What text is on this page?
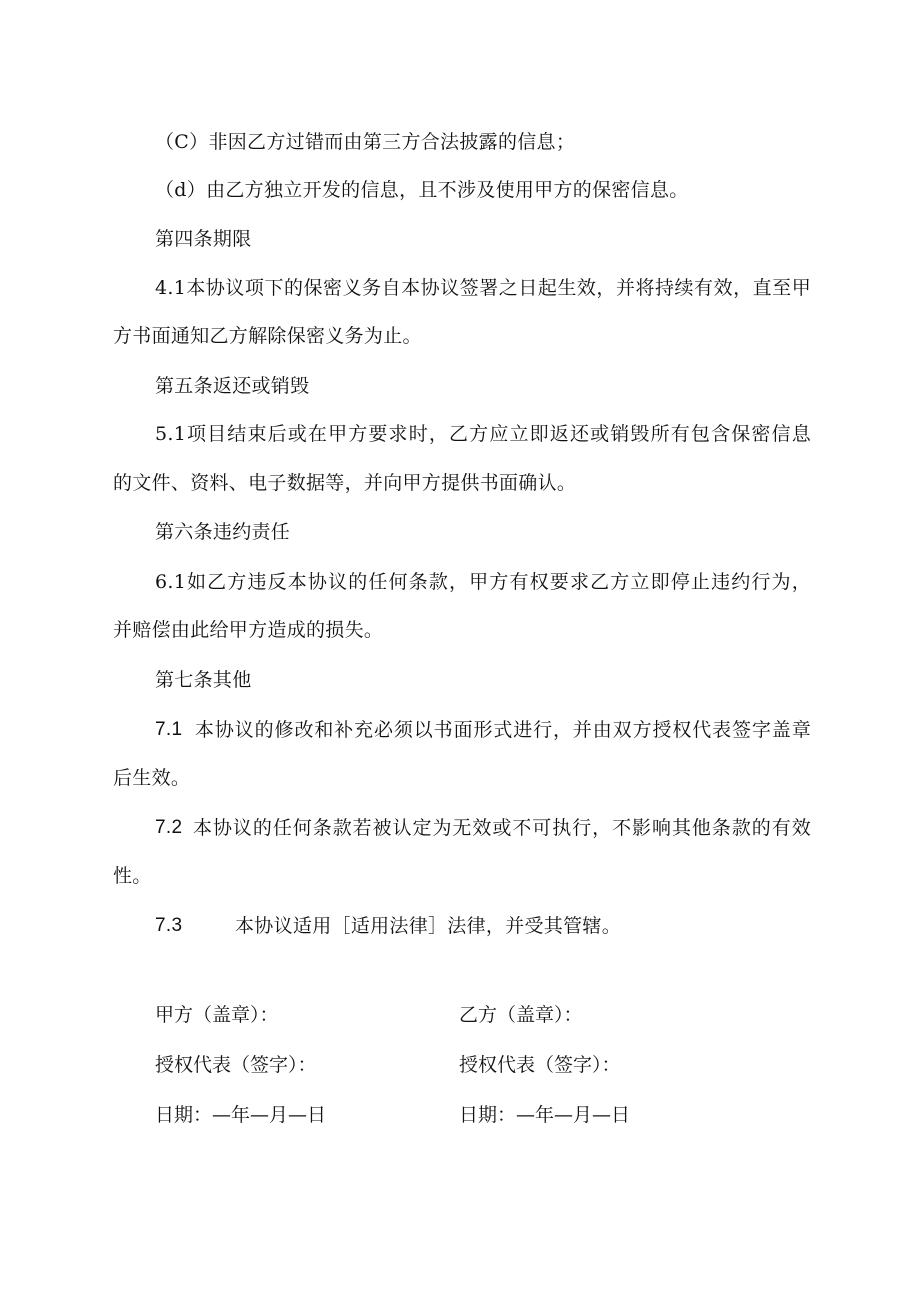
（C）非因乙方过错而由第三方合法披露的信息；
（d）由乙方独立开发的信息，且不涉及使用甲方的保密信息。
第四条期限
4.1本协议项下的保密义务自本协议签署之日起生效，并将持续有效，直至甲
方书面通知乙方解除保密义务为止。
第五条返还或销毁
5.1项目结束后或在甲方要求时，乙方应立即返还或销毁所有包含保密信息
的文件、资料、电子数据等，并向甲方提供书面确认。
第六条违约责任
6.1如乙方违反本协议的任何条款，甲方有权要求乙方立即停止违约行为，
并赔偿由此给甲方造成的损失。
第七条其他
7.1 本协议的修改和补充必须以书面形式进行，并由双方授权代表签字盖章
后生效。
7.2 本协议的任何条款若被认定为无效或不可执行，不影响其他条款的有效
性。
7.3	本协议适用［适用法律］法律，并受其管辖。
甲方（盖章）：	乙方（盖章）：
授权代表（签字）：	授权代表（签字）：
日期：—年—月—日	日期：—年—月—日
